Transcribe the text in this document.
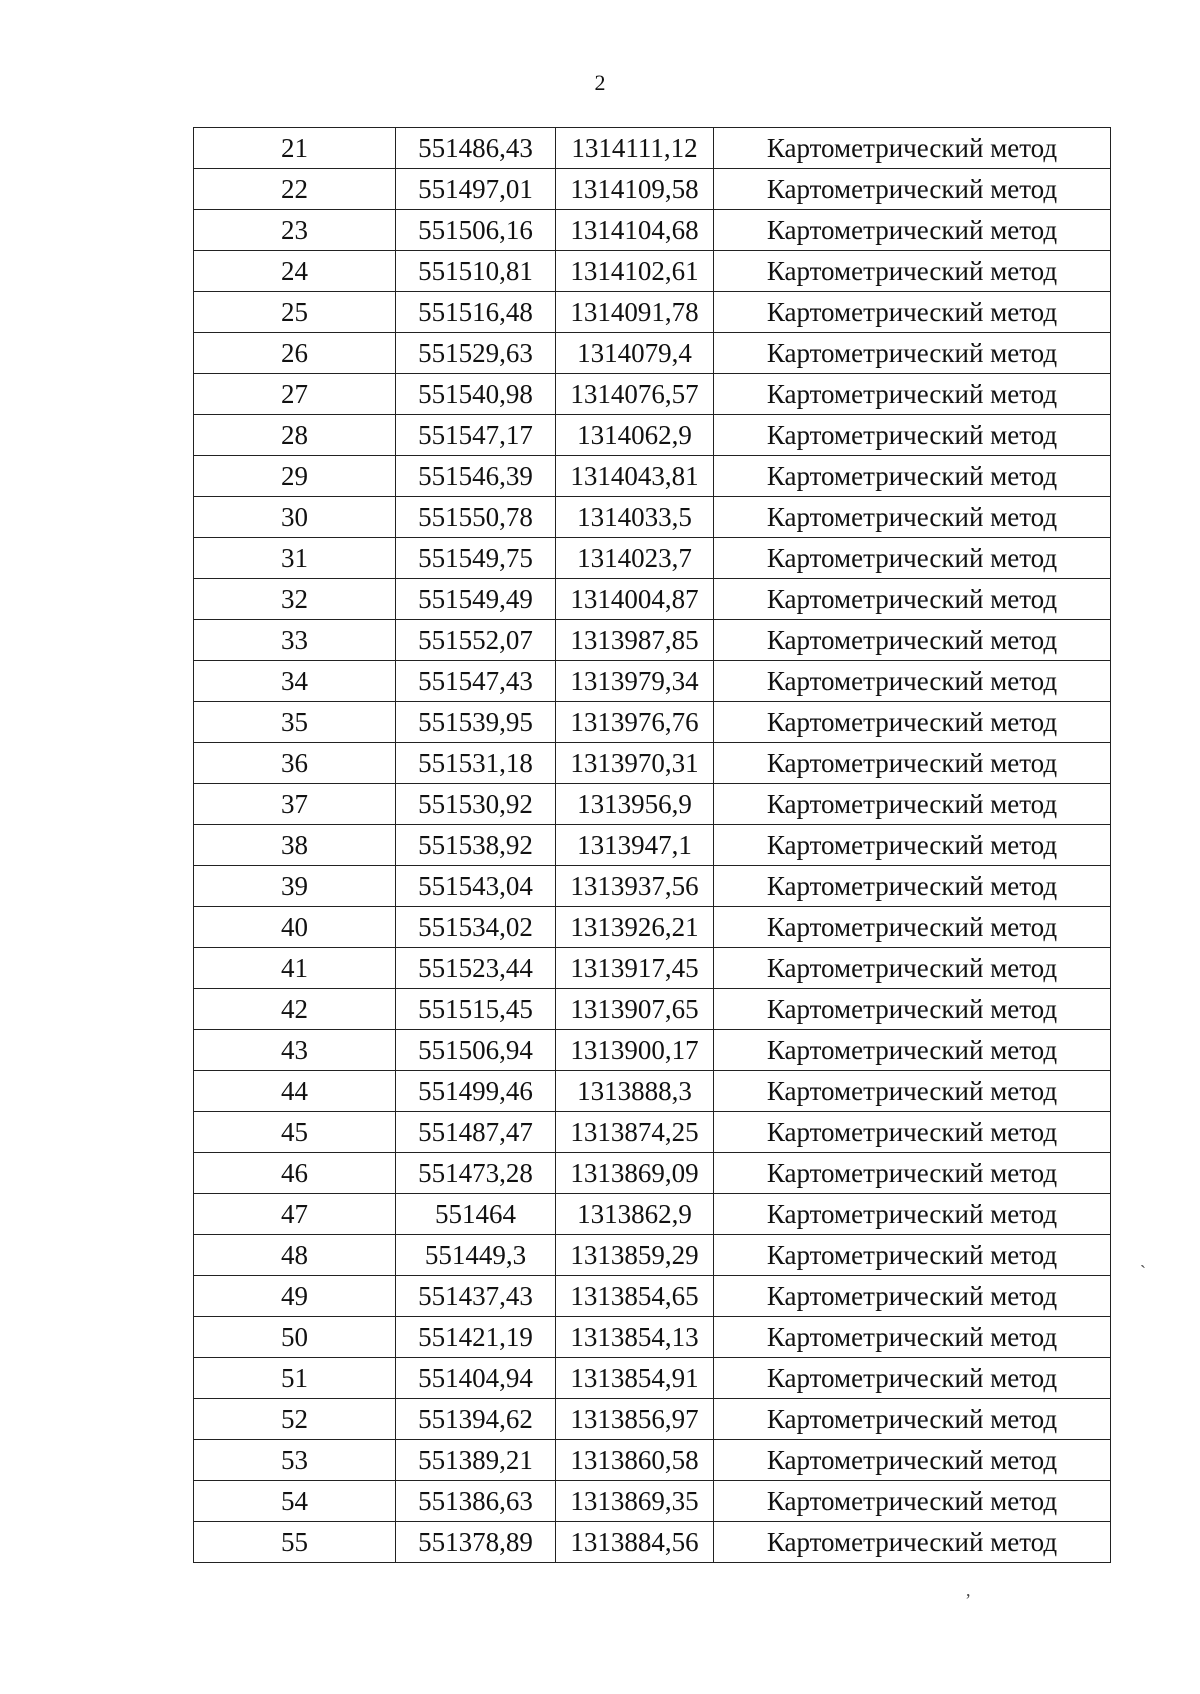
2
21	551486,43	1314111,12	Картометрический метод
22	551497,01	1314109,58	Картометрический метод
23	551506,16	1314104,68	Картометрический метод
24	551510,81	1314102,61	Картометрический метод
25	551516,48	1314091,78	Картометрический метод
26	551529,63	1314079,4	Картометрический метод
27	551540,98	1314076,57	Картометрический метод
28	551547,17	1314062,9	Картометрический метод
29	551546,39	1314043,81	Картометрический метод
30	551550,78	1314033,5	Картометрический метод
31	551549,75	1314023,7	Картометрический метод
32	551549,49	1314004,87	Картометрический метод
33	551552,07	1313987,85	Картометрический метод
34	551547,43	1313979,34	Картометрический метод
35	551539,95	1313976,76	Картометрический метод
36	551531,18	1313970,31	Картометрический метод
37	551530,92	1313956,9	Картометрический метод
38	551538,92	1313947,1	Картометрический метод
39	551543,04	1313937,56	Картометрический метод
40	551534,02	1313926,21	Картометрический метод
41	551523,44	1313917,45	Картометрический метод
42	551515,45	1313907,65	Картометрический метод
43	551506,94	1313900,17	Картометрический метод
44	551499,46	1313888,3	Картометрический метод
45	551487,47	1313874,25	Картометрический метод
46	551473,28	1313869,09	Картометрический метод
47	551464	1313862,9	Картометрический метод
48	551449,3	1313859,29	Картометрический метод
49	551437,43	1313854,65	Картометрический метод
50	551421,19	1313854,13	Картометрический метод
51	551404,94	1313854,91	Картометрический метод
52	551394,62	1313856,97	Картометрический метод
53	551389,21	1313860,58	Картометрический метод
54	551386,63	1313869,35	Картометрический метод
55	551378,89	1313884,56	Картометрический метод
`
,
